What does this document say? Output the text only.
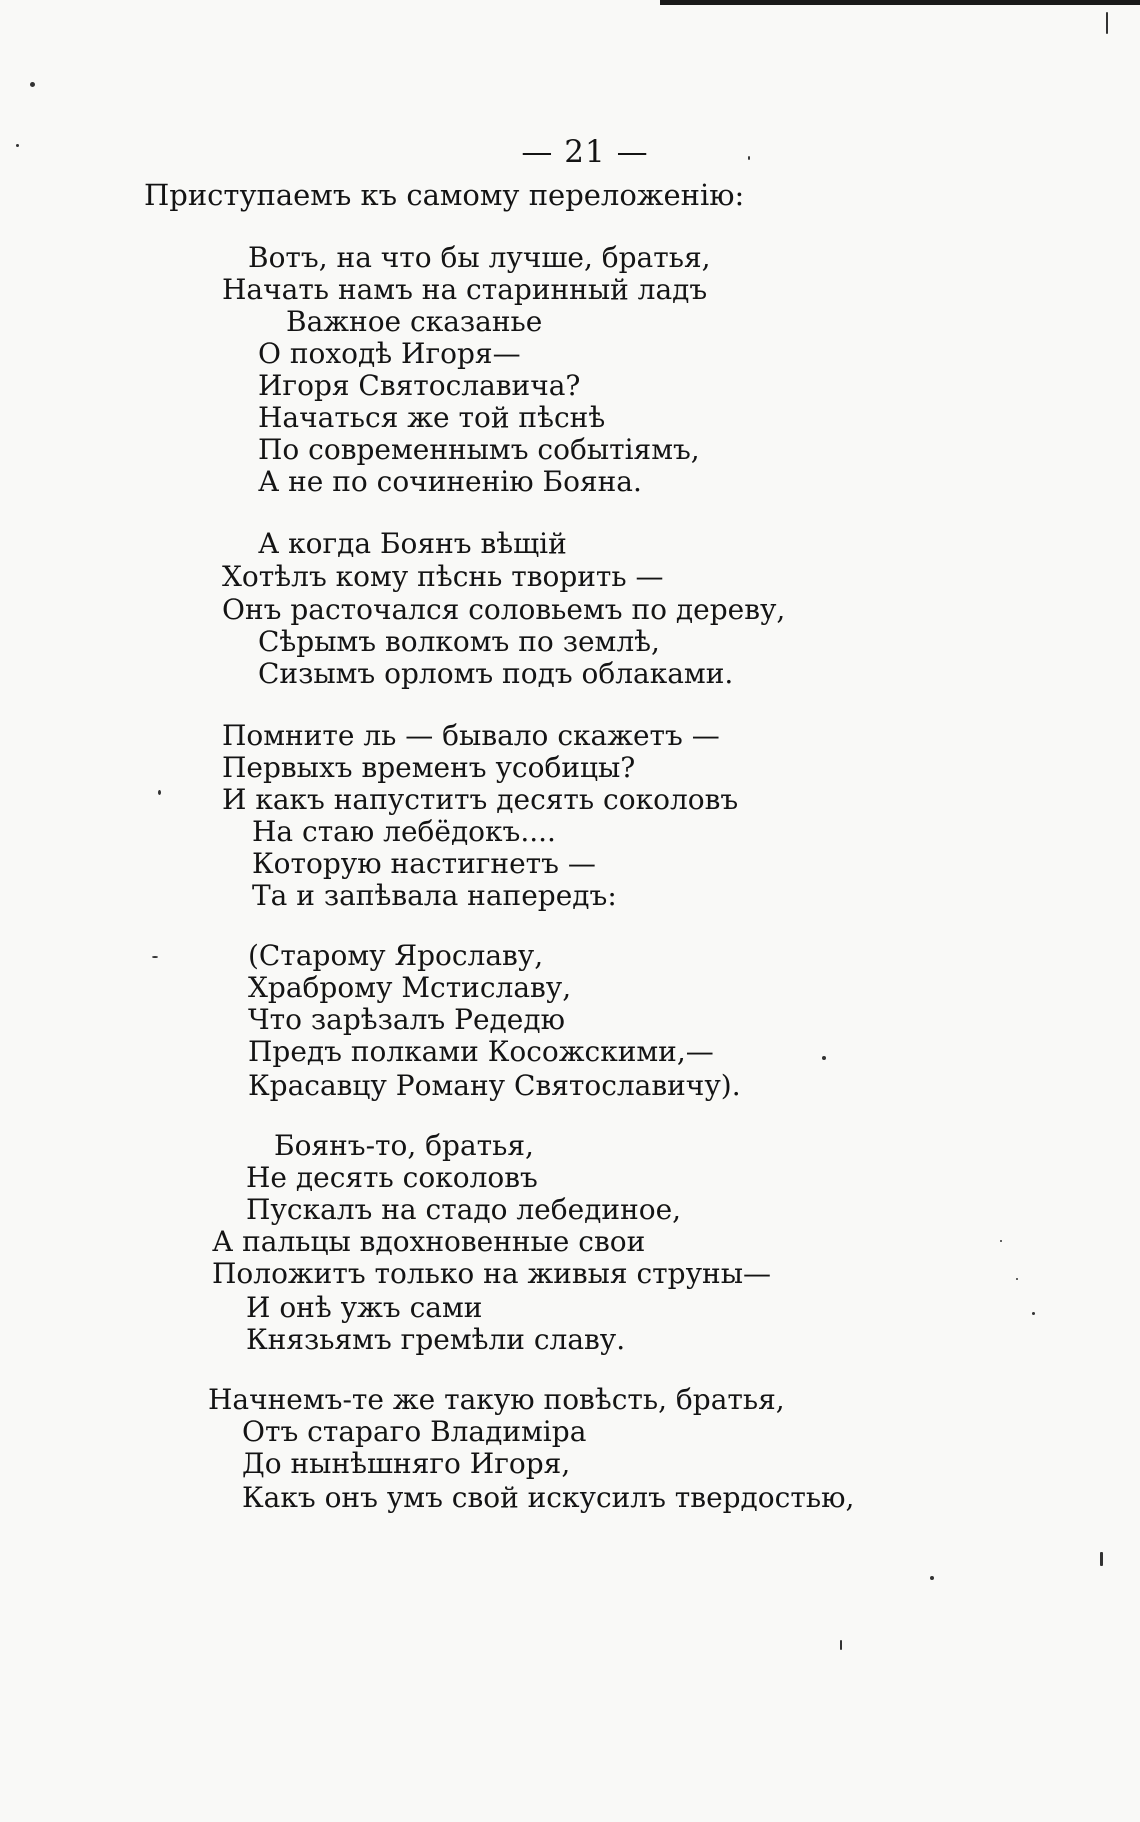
— 21 —
Приступаемъ къ самому переложенію:
Вотъ, на что бы лучше, братья,
Начать намъ на старинный ладъ
Важное сказанье
О походѣ Игоря—
Игоря Святославича?
Начаться же той пѣснѣ
По современнымъ событіямъ,
А не по сочиненію Бояна.
А когда Боянъ вѣщій
Хотѣлъ кому пѣснь творить —
Онъ расточался соловьемъ по дереву,
Сѣрымъ волкомъ по землѣ,
Сизымъ орломъ подъ облаками.
Помните ль — бывало скажетъ —
Первыхъ временъ усобицы?
И какъ напуститъ десять соколовъ
На стаю лебёдокъ....
Которую настигнетъ —
Та и запѣвала напередъ:
(Старому Ярославу,
Храброму Мстиславу,
Что зарѣзалъ Редедю
Предъ полками Косожскими,—
Красавцу Роману Святославичу).
Боянъ-то, братья,
Не десять соколовъ
Пускалъ на стадо лебединое,
А пальцы вдохновенные свои
Положитъ только на живыя струны—
И онѣ ужъ сами
Князьямъ гремѣли славу.
Начнемъ-те же такую повѣсть, братья,
Отъ стараго Владиміра
До нынѣшняго Игоря,
Какъ онъ умъ свой искусилъ твердостью,
